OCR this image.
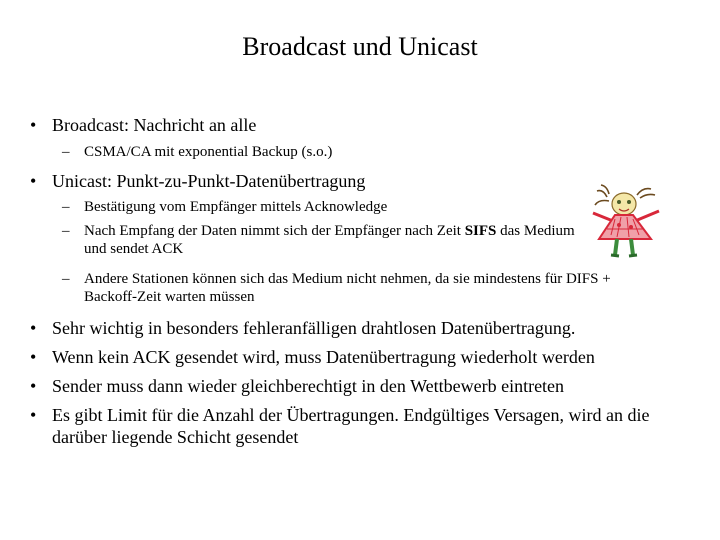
Broadcast und Unicast
• Broadcast: Nachricht an alle
– CSMA/CA mit exponential Backup (s.o.)
• Unicast: Punkt-zu-Punkt-Datenübertragung
– Bestätigung vom Empfänger mittels Acknowledge
– Nach Empfang der Daten nimmt sich der Empfänger nach Zeit SIFS das Medium und sendet ACK
– Andere Stationen können sich das Medium nicht nehmen, da sie mindestens für DIFS + Backoff-Zeit warten müssen
• Sehr wichtig in besonders fehleranfälligen drahtlosen Datenübertragung.
• Wenn kein ACK gesendet wird, muss Datenübertragung wiederholt werden
• Sender muss dann wieder gleichberechtigt in den Wettbewerb eintreten
• Es gibt Limit für die Anzahl der Übertragungen. Endgültiges Versagen, wird an die darüber liegende Schicht gesendet
